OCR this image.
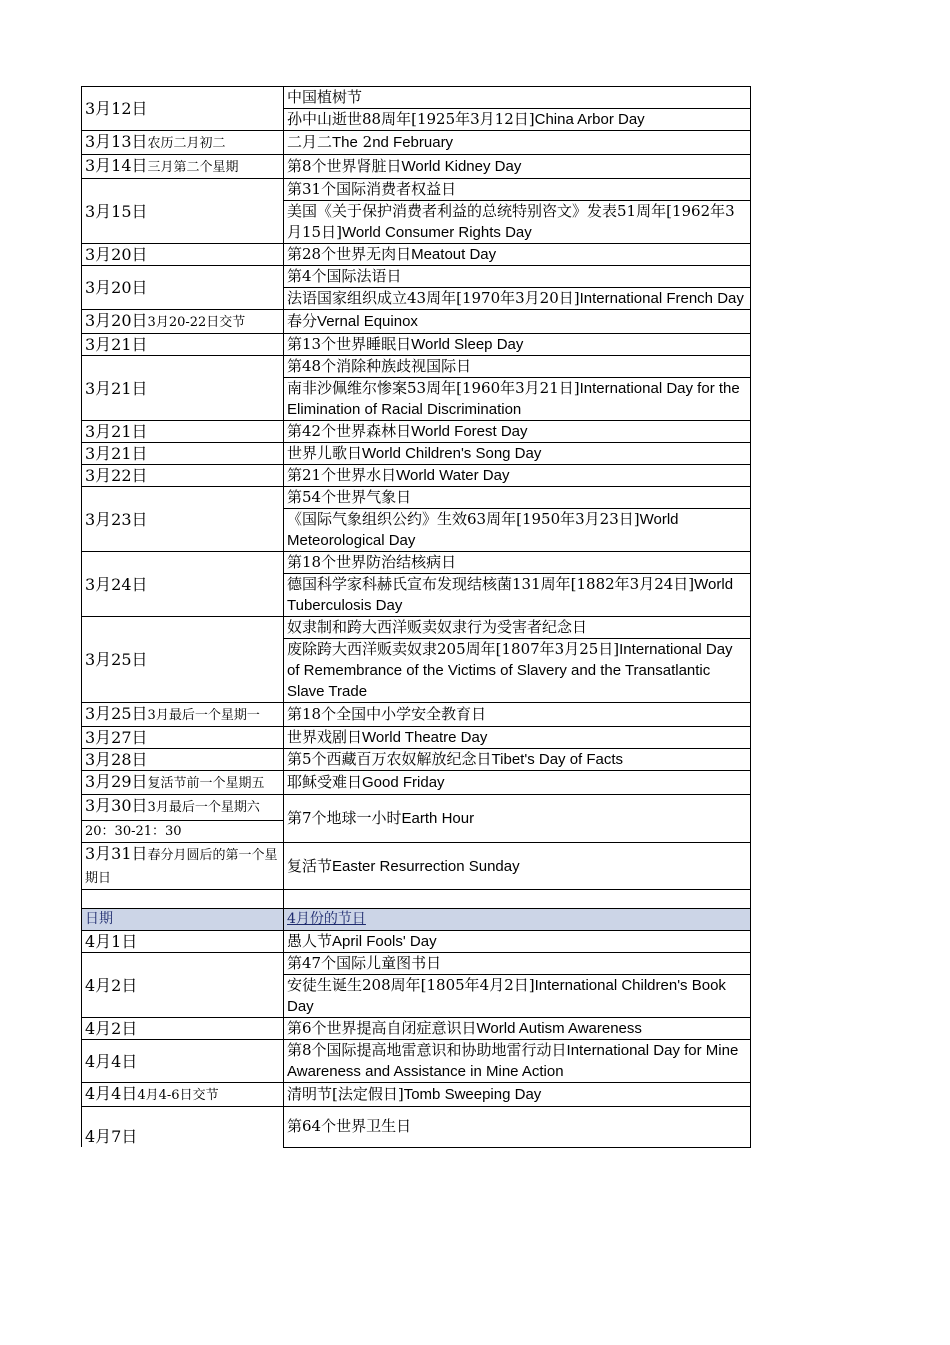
3月12日	中国植树节
孙中山逝世88周年[1925年3月12日]China Arbor Day

3月13日农历二月初二	二月二The 2nd February

3月14日三月第二个星期	第8个世界肾脏日World Kidney Day

3月15日	第31个国际消费者权益日
美国《关于保护消费者利益的总统特别咨文》发表51周年[1962年3月15日]World Consumer Rights Day

3月20日	第28个世界无肉日Meatout Day

3月20日	第4个国际法语日
法语国家组织成立43周年[1970年3月20日]International French Day

3月20日3月20-22日交节	春分Vernal Equinox

3月21日	第13个世界睡眠日World Sleep Day

3月21日	第48个消除种族歧视国际日
南非沙佩维尔惨案53周年[1960年3月21日]International Day for the Elimination of Racial Discrimination

3月21日	第42个世界森林日World Forest Day

3月21日	世界儿歌日World Children's Song Day

3月22日	第21个世界水日World Water Day

3月23日	第54个世界气象日
《国际气象组织公约》生效63周年[1950年3月23日]World Meteorological Day

3月24日	第18个世界防治结核病日
德国科学家科赫氏宣布发现结核菌131周年[1882年3月24日]World Tuberculosis Day

3月25日	奴隶制和跨大西洋贩卖奴隶行为受害者纪念日
废除跨大西洋贩卖奴隶205周年[1807年3月25日]International Day of Remembrance of the Victims of Slavery and the Transatlantic Slave Trade

3月25日3月最后一个星期一	第18个全国中小学安全教育日

3月27日	世界戏剧日World Theatre Day

3月28日	第5个西藏百万农奴解放纪念日Tibet's Day of Facts

3月29日复活节前一个星期五	耶稣受难日Good Friday

3月30日3月最后一个星期六
20：30-21：30	第7个地球一小时Earth Hour

3月31日春分月圆后的第一个星期日	复活节Easter Resurrection Sunday

日期	4月份的节日
4月1日	愚人节April Fools' Day

4月2日	第47个国际儿童图书日
安徒生诞生208周年[1805年4月2日]International Children's Book Day

4月2日	第6个世界提高自闭症意识日World Autism Awareness

4月4日	第8个国际提高地雷意识和协助地雷行动日International Day for Mine Awareness and Assistance in Mine Action

4月4日4月4-6日交节	清明节[法定假日]Tomb Sweeping Day

4月7日	第64个世界卫生日
